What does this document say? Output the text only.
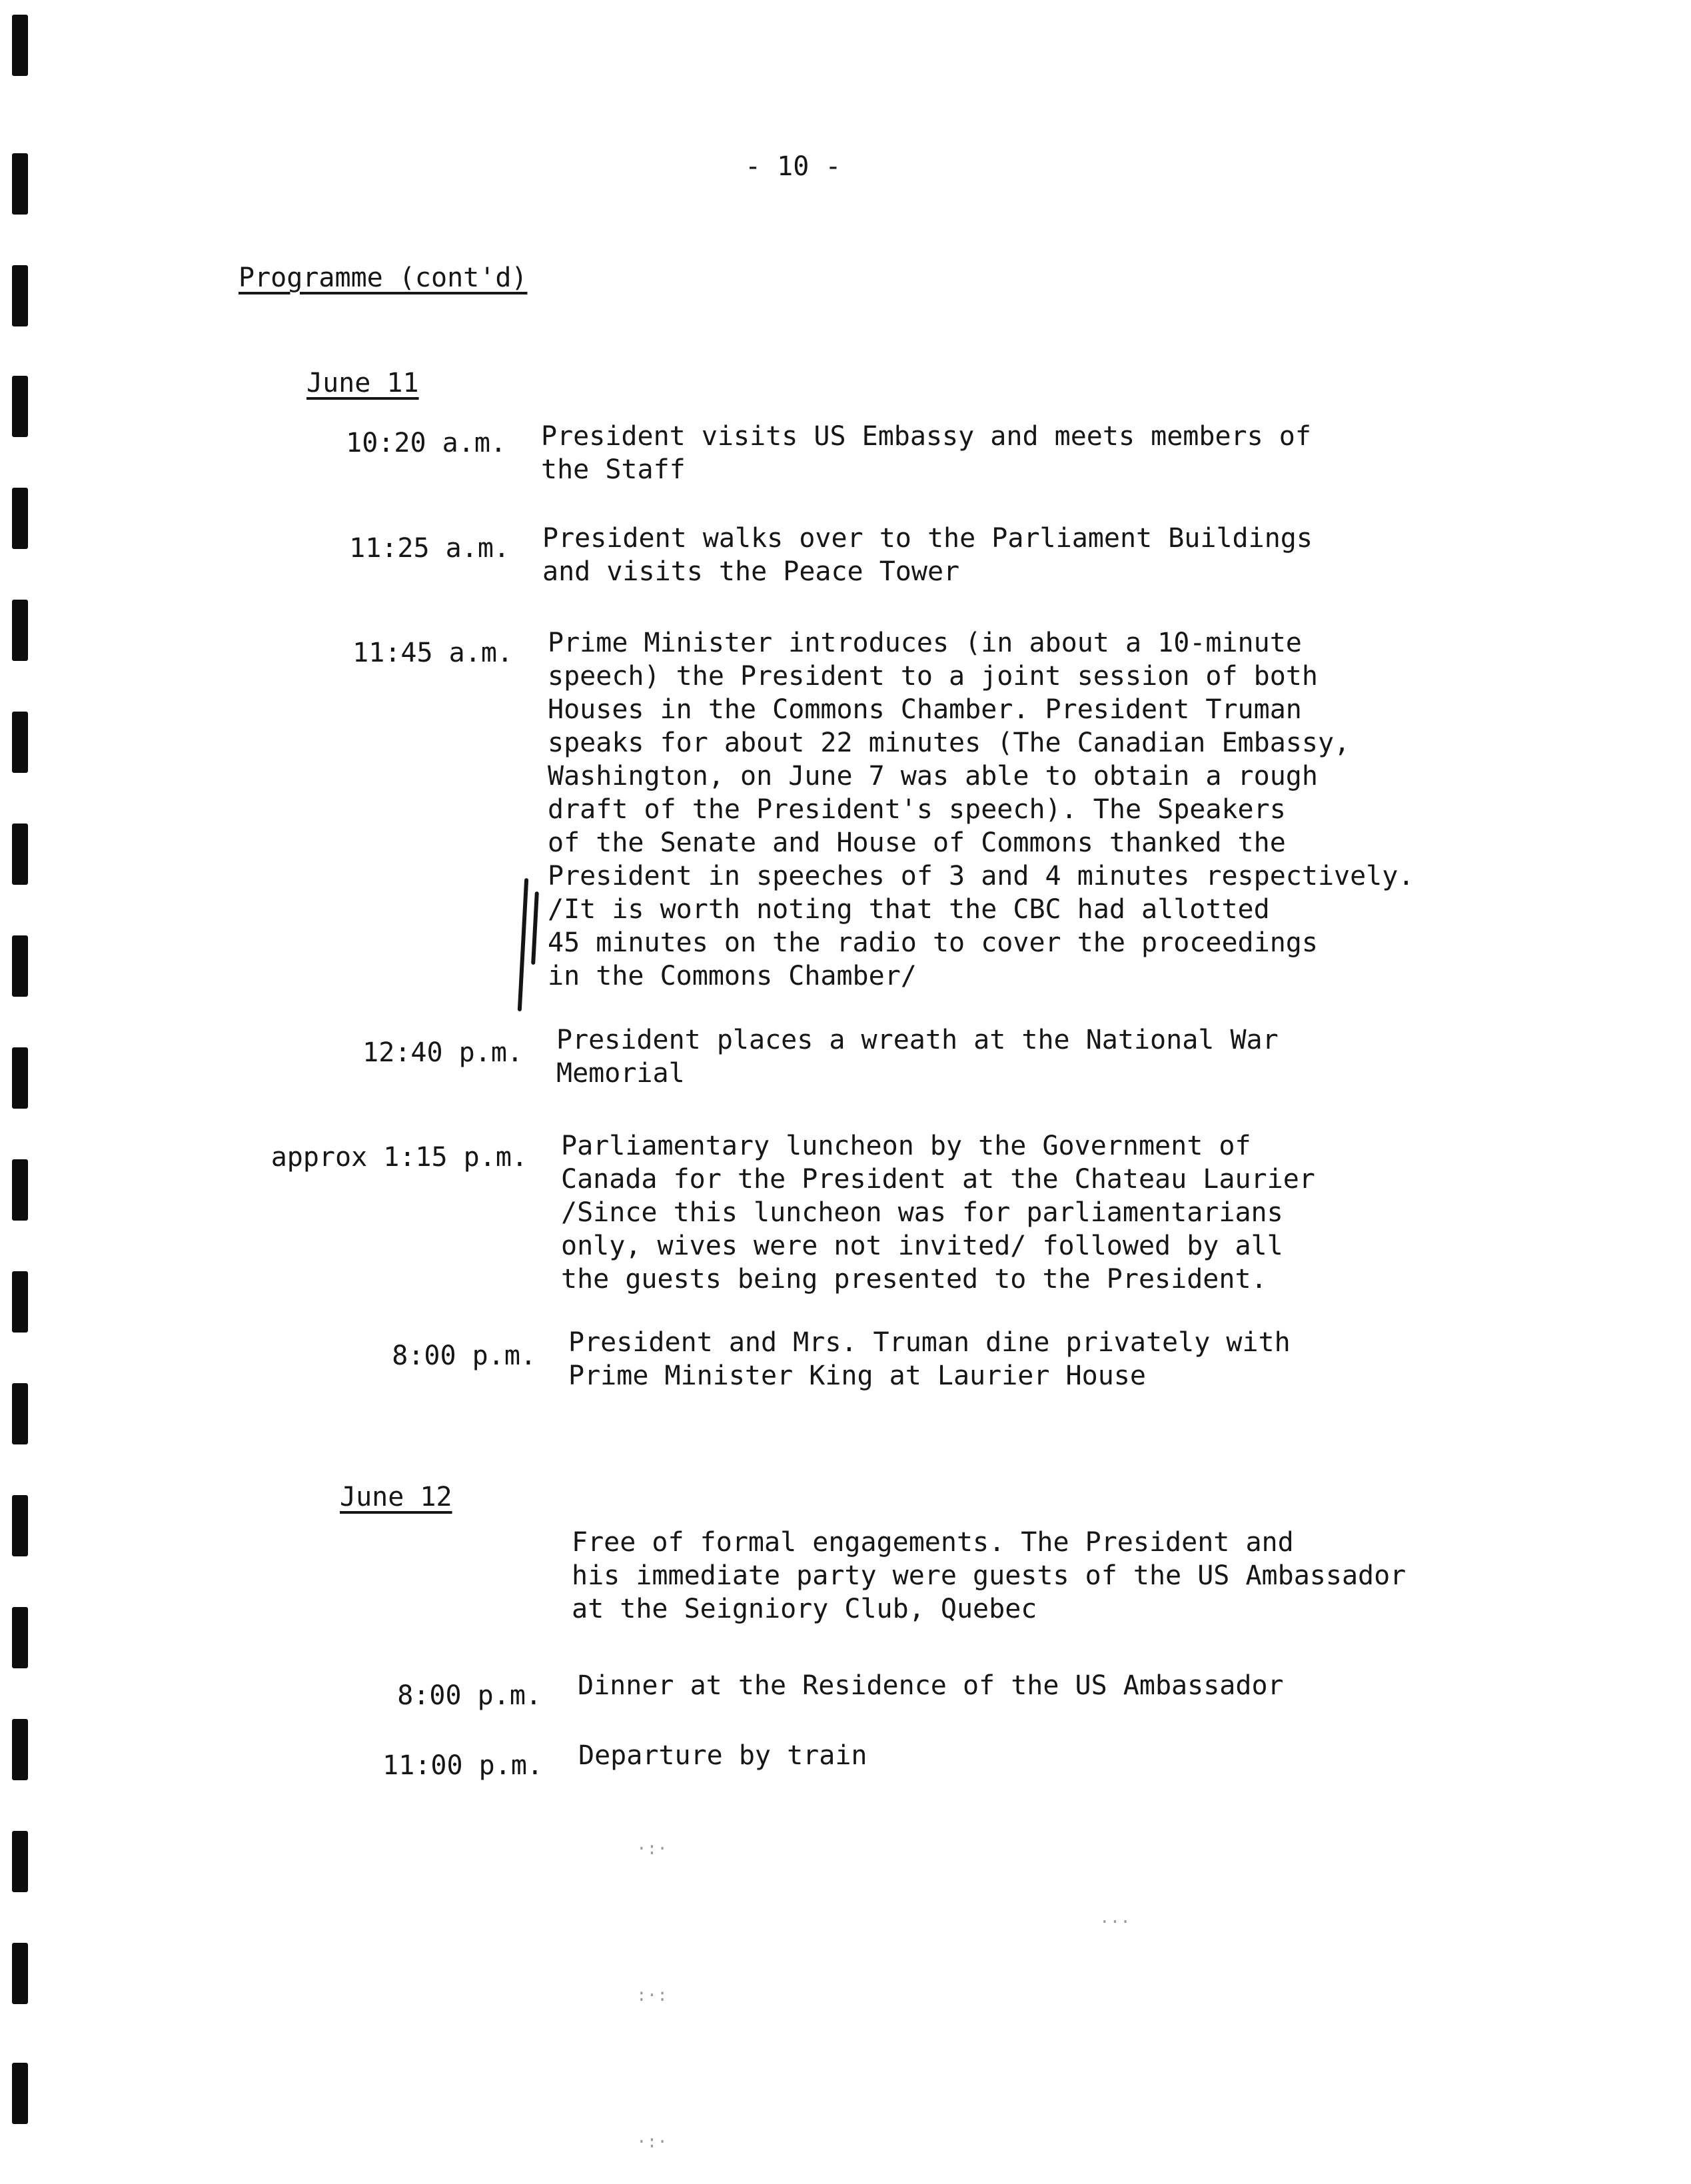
- 10 -
Programme (cont'd)
June 11
10:20 a.m. President visits US Embassy and meets members of
the Staff
11:25 a.m. President walks over to the Parliament Buildings
and visits the Peace Tower
11:45 a.m. Prime Minister introduces (in about a 10-minute
speech) the President to a joint session of both
Houses in the Commons Chamber. President Truman
speaks for about 22 minutes (The Canadian Embassy,
Washington, on June 7 was able to obtain a rough
draft of the President's speech). The Speakers
of the Senate and House of Commons thanked the
President in speeches of 3 and 4 minutes respectively.
/It is worth noting that the CBC had allotted
45 minutes on the radio to cover the proceedings
in the Commons Chamber/
12:40 p.m. President places a wreath at the National War
Memorial
approx 1:15 p.m. Parliamentary luncheon by the Government of
Canada for the President at the Chateau Laurier
/Since this luncheon was for parliamentarians
only, wives were not invited/ followed by all
the guests being presented to the President.
8:00 p.m. President and Mrs. Truman dine privately with
Prime Minister King at Laurier House
June 12
Free of formal engagements. The President and
his immediate party were guests of the US Ambassador
at the Seigniory Club, Quebec
8:00 p.m. Dinner at the Residence of the US Ambassador
11:00 p.m. Departure by train
·:·
:·:
·:·
···
